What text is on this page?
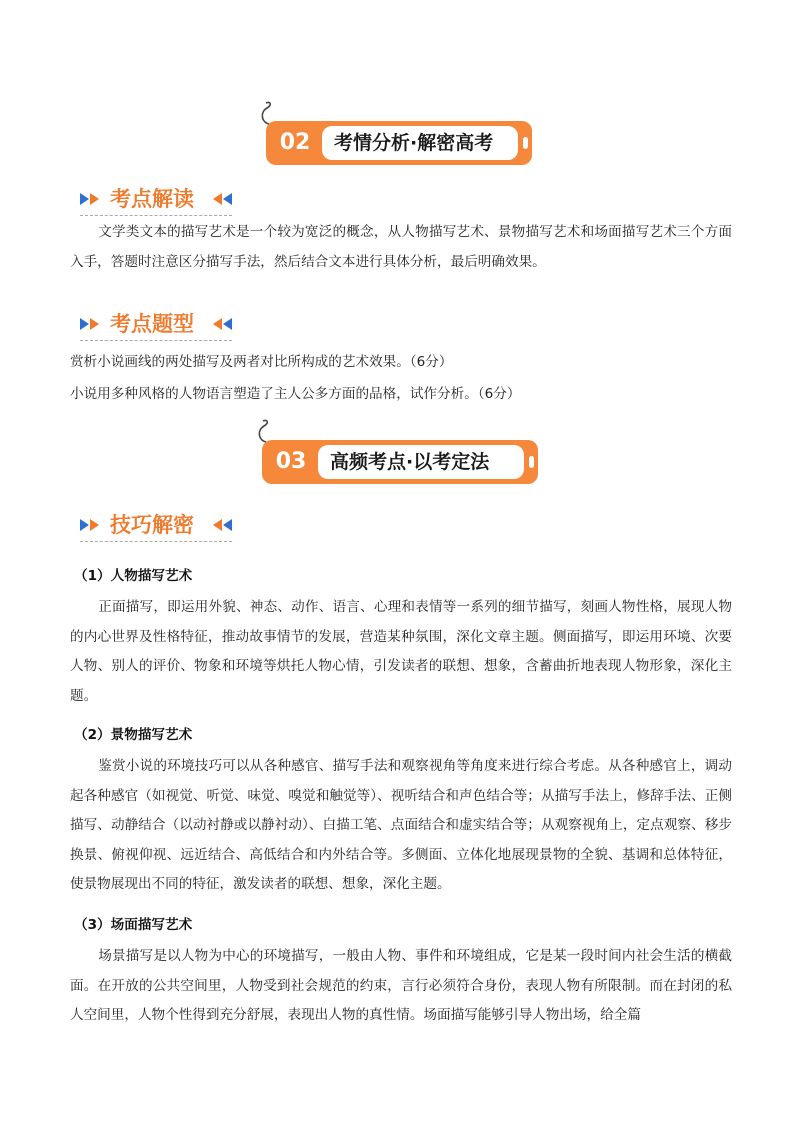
02	考情分析·解密高考
考点解读
文学类文本的描写艺术是一个较为宽泛的概念，从人物描写艺术、景物描写艺术和场面描写艺术三个方面入手，答题时注意区分描写手法，然后结合文本进行具体分析，最后明确效果。
考点题型
赏析小说画线的两处描写及两者对比所构成的艺术效果。（6分）
小说用多种风格的人物语言塑造了主人公多方面的品格，试作分析。（6分）
03	高频考点·以考定法
技巧解密
（1）人物描写艺术
正面描写，即运用外貌、神态、动作、语言、心理和表情等一系列的细节描写，刻画人物性格，展现人物的内心世界及性格特征，推动故事情节的发展，营造某种氛围，深化文章主题。侧面描写，即运用环境、次要人物、别人的评价、物象和环境等烘托人物心情，引发读者的联想、想象，含蓄曲折地表现人物形象，深化主题。
（2）景物描写艺术
鉴赏小说的环境技巧可以从各种感官、描写手法和观察视角等角度来进行综合考虑。从各种感官上，调动起各种感官（如视觉、听觉、味觉、嗅觉和触觉等）、视听结合和声色结合等；从描写手法上，修辞手法、正侧描写、动静结合（以动衬静或以静衬动）、白描工笔、点面结合和虚实结合等；从观察视角上，定点观察、移步换景、俯视仰视、远近结合、高低结合和内外结合等。多侧面、立体化地展现景物的全貌、基调和总体特征，使景物展现出不同的特征，激发读者的联想、想象，深化主题。
（3）场面描写艺术
场景描写是以人物为中心的环境描写，一般由人物、事件和环境组成，它是某一段时间内社会生活的横截面。在开放的公共空间里，人物受到社会规范的约束，言行必须符合身份，表现人物有所限制。而在封闭的私人空间里，人物个性得到充分舒展，表现出人物的真性情。场面描写能够引导人物出场，给全篇
